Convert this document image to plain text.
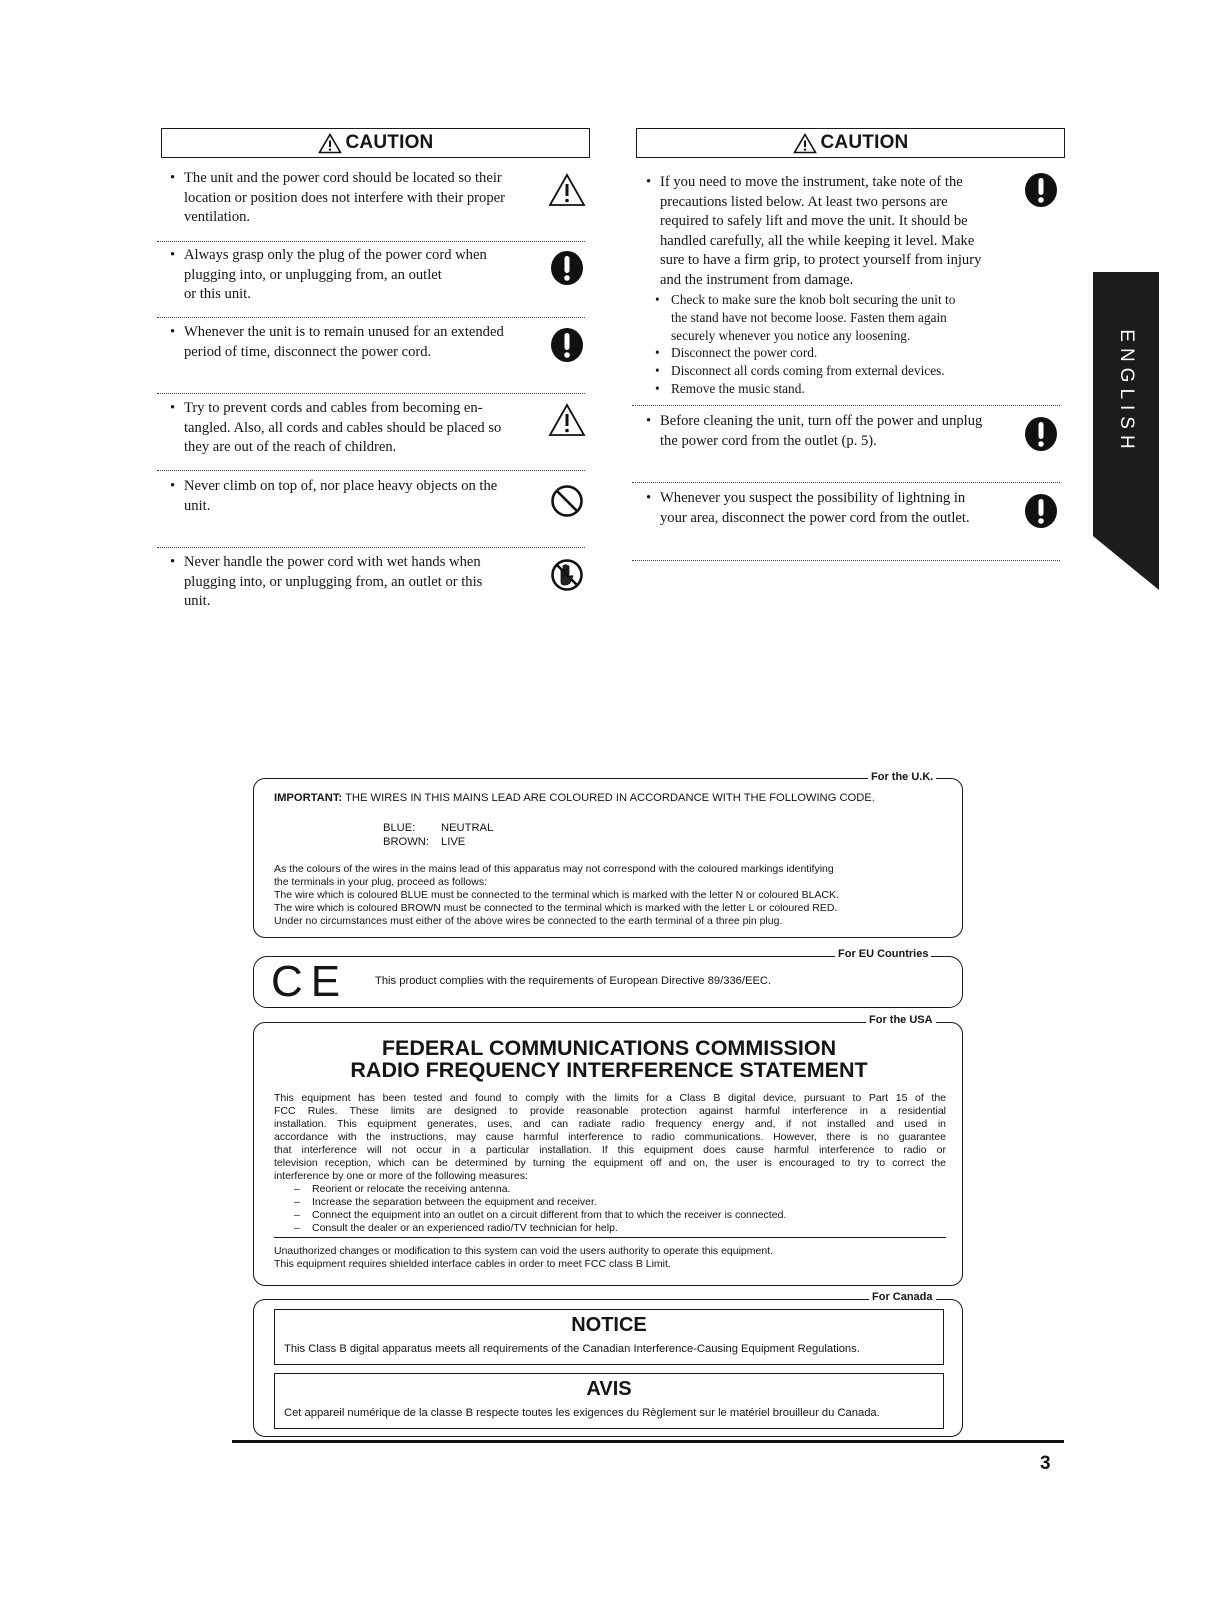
CAUTION	CAUTION
• The unit and the power cord should be located so their
location or position does not interfere with their proper
ventilation.
• Always grasp only the plug of the power cord when
plugging into, or unplugging from, an outlet
or this unit.
• Whenever the unit is to remain unused for an extended
period of time, disconnect the power cord.
• Try to prevent cords and cables from becoming en-
tangled. Also, all cords and cables should be placed so
they are out of the reach of children.
• Never climb on top of, nor place heavy objects on the
unit.
• Never handle the power cord with wet hands when
plugging into, or unplugging from, an outlet or this
unit.
• If you need to move the instrument, take note of the
precautions listed below. At least two persons are
required to safely lift and move the unit. It should be
handled carefully, all the while keeping it level. Make
sure to have a firm grip, to protect yourself from injury
and the instrument from damage.
• Check to make sure the knob bolt securing the unit to
the stand have not become loose. Fasten them again
securely whenever you notice any loosening.
• Disconnect the power cord.
• Disconnect all cords coming from external devices.
• Remove the music stand.
• Before cleaning the unit, turn off the power and unplug
the power cord from the outlet (p. 5).
• Whenever you suspect the possibility of lightning in
your area, disconnect the power cord from the outlet.
ENGLISH
IMPORTANT: THE WIRES IN THIS MAINS LEAD ARE COLOURED IN ACCORDANCE WITH THE FOLLOWING CODE.
BLUE: NEUTRAL
BROWN: LIVE
As the colours of the wires in the mains lead of this apparatus may not correspond with the coloured markings identifying
the terminals in your plug, proceed as follows:
The wire which is coloured BLUE must be connected to the terminal which is marked with the letter N or coloured BLACK.
The wire which is coloured BROWN must be connected to the terminal which is marked with the letter L or coloured RED.
Under no circumstances must either of the above wires be connected to the earth terminal of a three pin plug.
For the U.K.
CE This product complies with the requirements of European Directive 89/336/EEC.
For EU Countries
FEDERAL COMMUNICATIONS COMMISSION
RADIO FREQUENCY INTERFERENCE STATEMENT
This equipment has been tested and found to comply with the limits for a Class B digital device, pursuant to Part 15 of the
FCC Rules. These limits are designed to provide reasonable protection against harmful interference in a residential
installation. This equipment generates, uses, and can radiate radio frequency energy and, if not installed and used in
accordance with the instructions, may cause harmful interference to radio communications. However, there is no guarantee
that interference will not occur in a particular installation. If this equipment does cause harmful interference to radio or
television reception, which can be determined by turning the equipment off and on, the user is encouraged to try to correct the
interference by one or more of the following measures:
– Reorient or relocate the receiving antenna.
– Increase the separation between the equipment and receiver.
– Connect the equipment into an outlet on a circuit different from that to which the receiver is connected.
– Consult the dealer or an experienced radio/TV technician for help.
Unauthorized changes or modification to this system can void the users authority to operate this equipment.
This equipment requires shielded interface cables in order to meet FCC class B Limit.
For the USA
NOTICE
This Class B digital apparatus meets all requirements of the Canadian Interference-Causing Equipment Regulations.
AVIS
Cet appareil numérique de la classe B respecte toutes les exigences du Règlement sur le matériel brouilleur du Canada.
For Canada
3
